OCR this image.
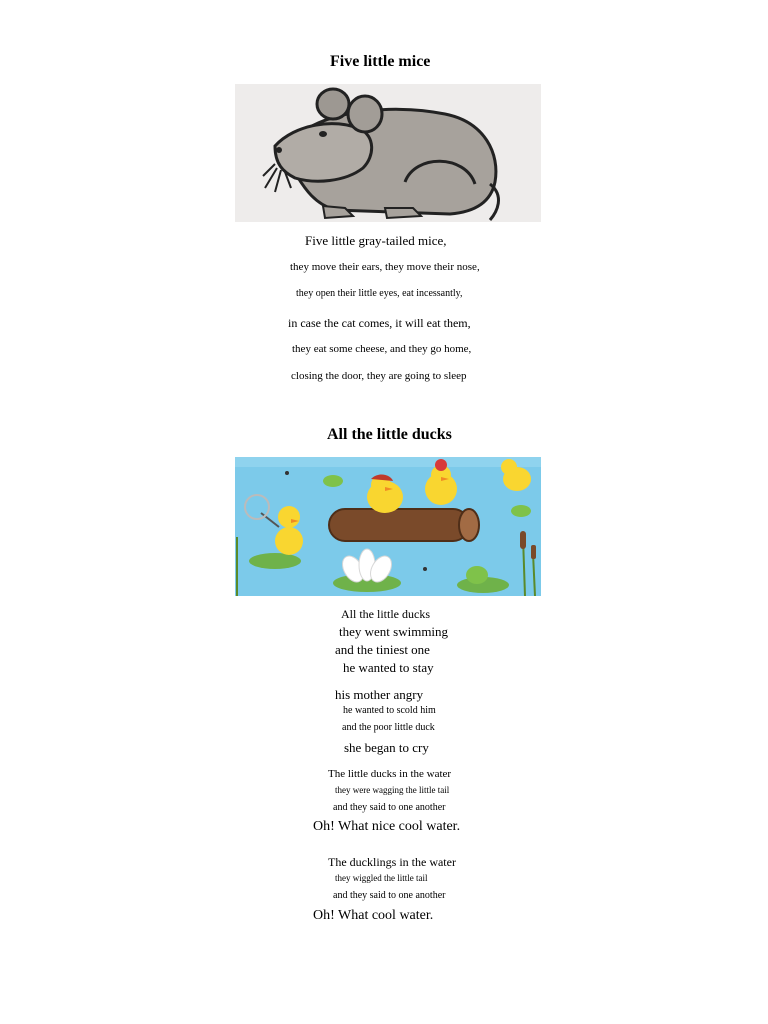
Five little mice
Five little gray-tailed mice,
they move their ears, they move their nose,
they open their little eyes, eat incessantly,
in case the cat comes, it will eat them,
they eat some cheese, and they go home,
closing the door, they are going to sleep
All the little ducks
All the little ducks
they went swimming
and the tiniest one
he wanted to stay
his mother angry
he wanted to scold him
and the poor little duck
she began to cry
The little ducks in the water
they were wagging the little tail
and they said to one another
Oh! What nice cool water.
The ducklings in the water
they wiggled the little tail
and they said to one another
Oh! What cool water.
